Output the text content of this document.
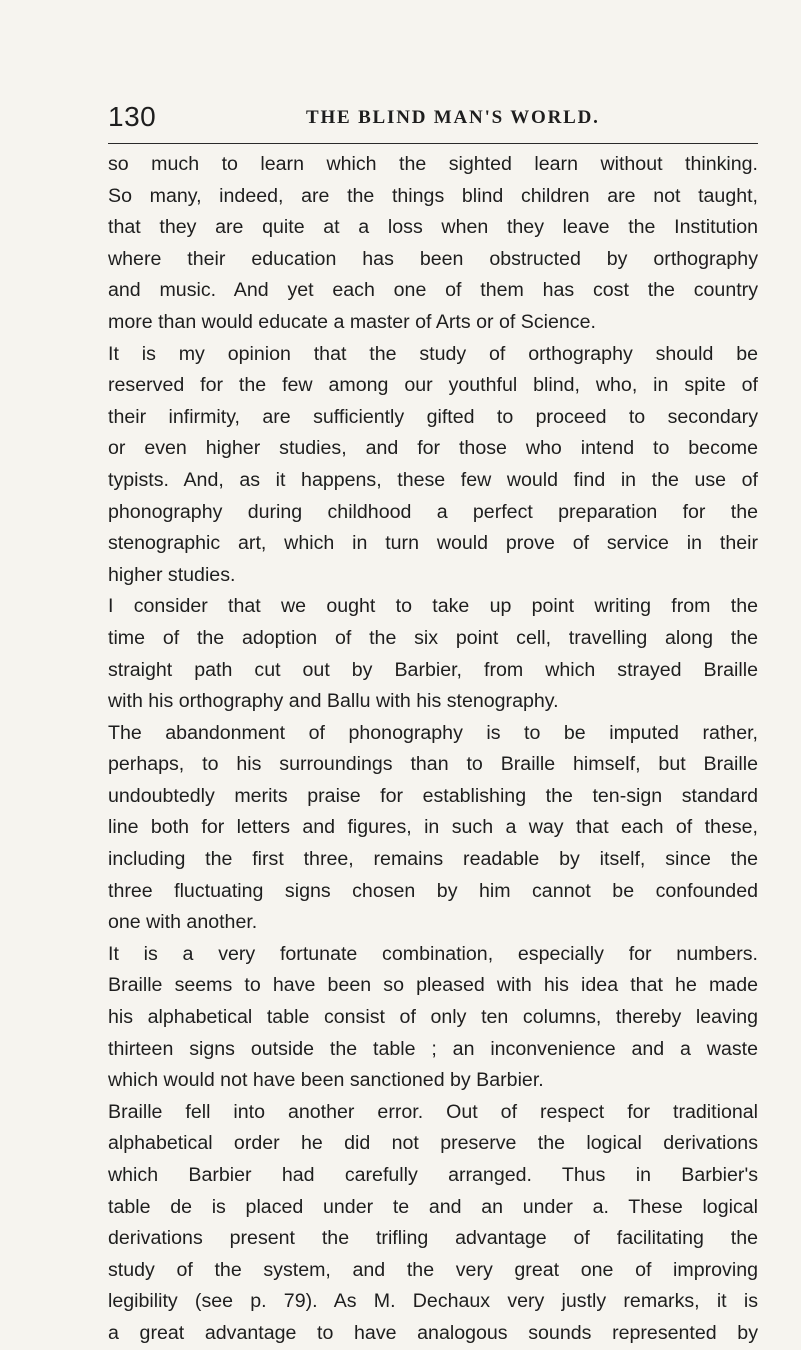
130	THE BLIND MAN'S WORLD.
so much to learn which the sighted learn without thinking.
So many, indeed, are the things blind children are not taught,
that they are quite at a loss when they leave the Institution
where their education has been obstructed by orthography
and music. And yet each one of them has cost the country
more than would educate a master of Arts or of Science.
It is my opinion that the study of orthography should be
reserved for the few among our youthful blind, who, in spite of
their infirmity, are sufficiently gifted to proceed to secondary
or even higher studies, and for those who intend to become
typists. And, as it happens, these few would find in the use of
phonography during childhood a perfect preparation for the
stenographic art, which in turn would prove of service in their
higher studies.
I consider that we ought to take up point writing from the
time of the adoption of the six point cell, travelling along the
straight path cut out by Barbier, from which strayed Braille
with his orthography and Ballu with his stenography.
The abandonment of phonography is to be imputed rather,
perhaps, to his surroundings than to Braille himself, but Braille
undoubtedly merits praise for establishing the ten-sign standard
line both for letters and figures, in such a way that each of these,
including the first three, remains readable by itself, since the
three fluctuating signs chosen by him cannot be confounded
one with another.
It is a very fortunate combination, especially for numbers.
Braille seems to have been so pleased with his idea that he made
his alphabetical table consist of only ten columns, thereby leaving
thirteen signs outside the table ; an inconvenience and a waste
which would not have been sanctioned by Barbier.
Braille fell into another error. Out of respect for traditional
alphabetical order he did not preserve the logical derivations
which Barbier had carefully arranged. Thus in Barbier's
table de is placed under te and an under a. These logical
derivations present the trifling advantage of facilitating the
study of the system, and the very great one of improving
legibility (see p. 79). As M. Dechaux very justly remarks, it is
a great advantage to have analogous sounds represented by
